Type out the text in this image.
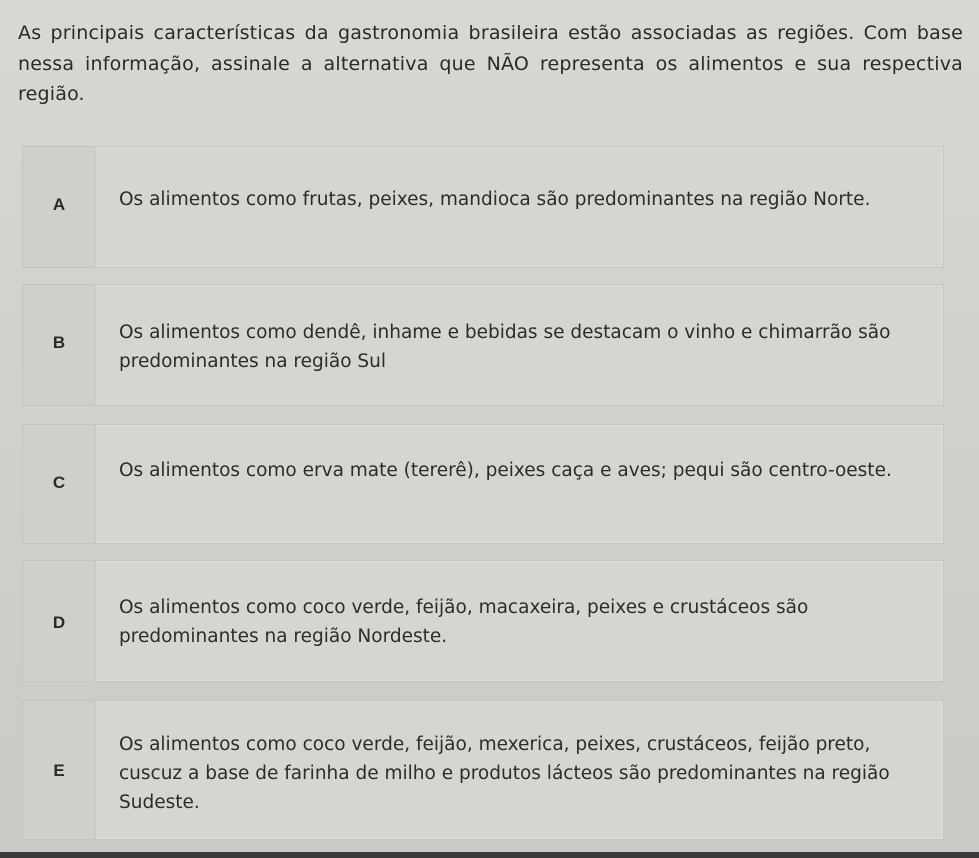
As principais características da gastronomia brasileira estão associadas as regiões. Com base nessa informação, assinale a alternativa que NÃO representa os alimentos e sua respectiva região.
A	Os alimentos como frutas, peixes, mandioca são predominantes na região Norte.
B	Os alimentos como dendê, inhame e bebidas se destacam o vinho e chimarrão são predominantes na região Sul
C
Os alimentos como erva mate (tererê), peixes caça e aves; pequi são centro-oeste.
D
Os alimentos como coco verde, feijão, macaxeira, peixes e crustáceos são predominantes na região Nordeste.
E
Os alimentos como coco verde, feijão, mexerica, peixes, crustáceos, feijão preto, cuscuz a base de farinha de milho e produtos lácteos são predominantes na região Sudeste.
